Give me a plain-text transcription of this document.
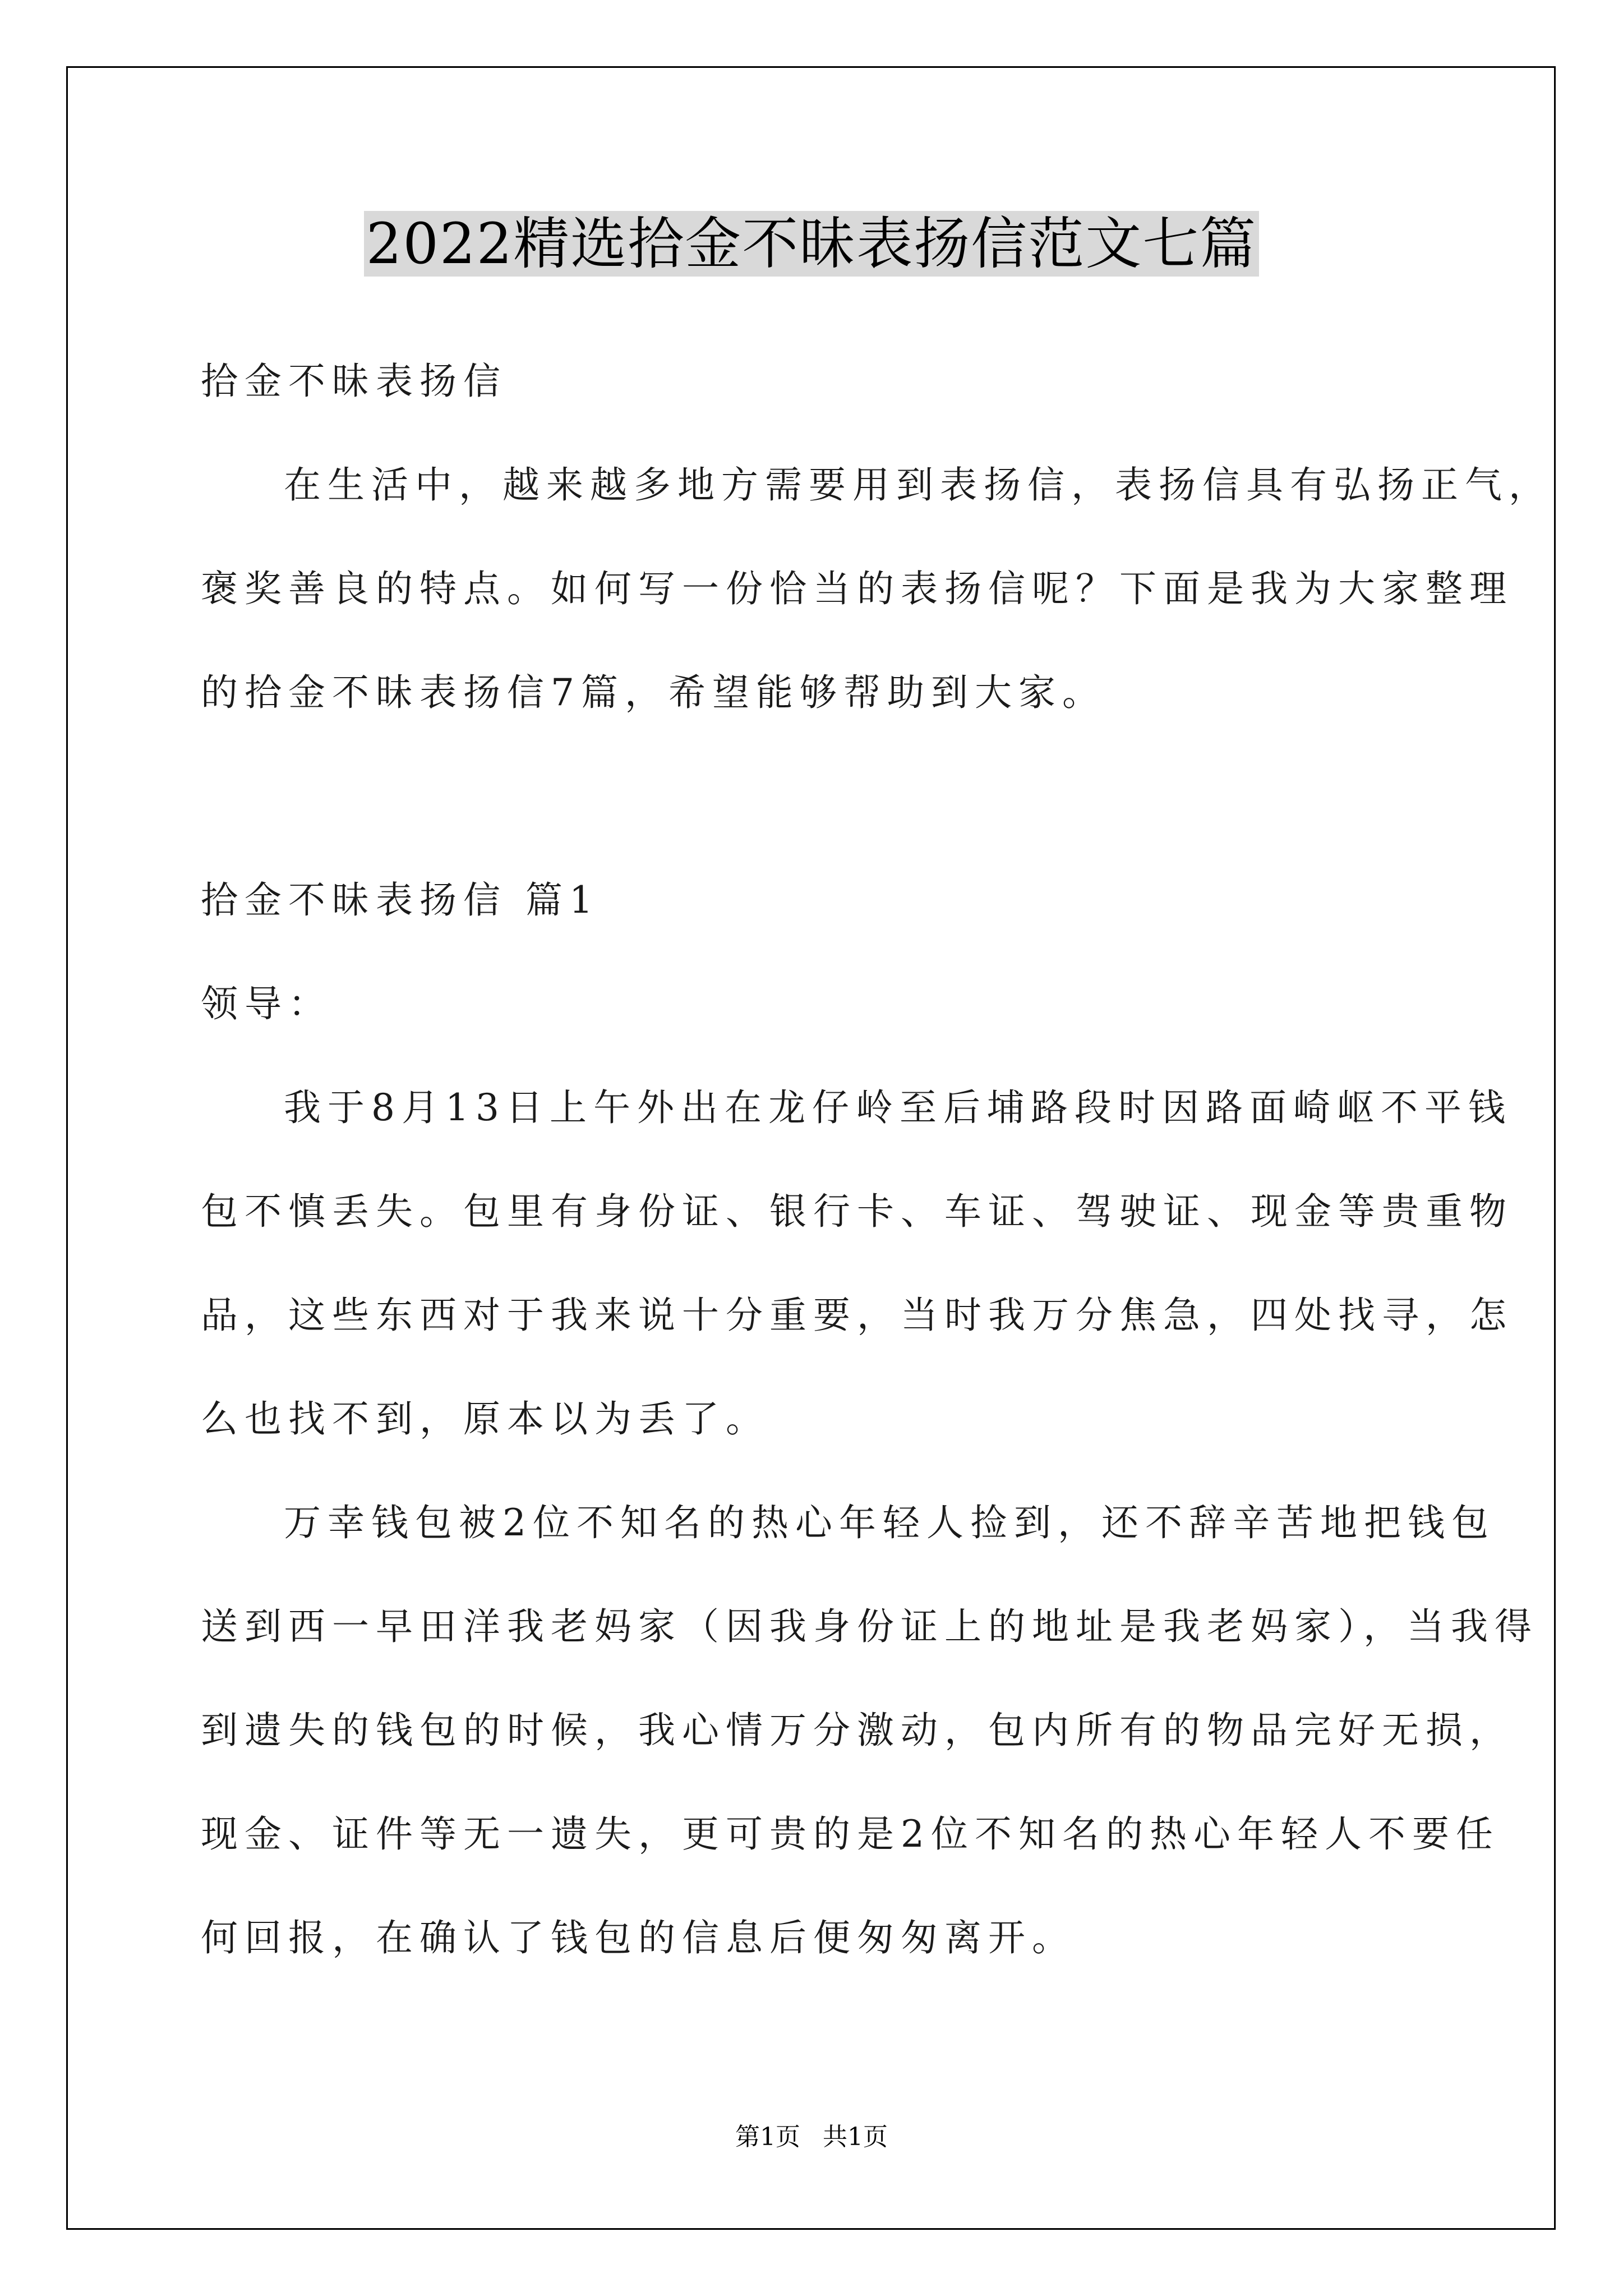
2022精选拾金不昧表扬信范文七篇
拾金不昧表扬信
在生活中，越来越多地方需要用到表扬信，表扬信具有弘扬正气，
褒奖善良的特点。如何写一份恰当的表扬信呢？下面是我为大家整理
的拾金不昧表扬信7篇，希望能够帮助到大家。
拾金不昧表扬信 篇1
领导：
我于8月13日上午外出在龙仔岭至后埔路段时因路面崎岖不平钱
包不慎丢失。包里有身份证、银行卡、车证、驾驶证、现金等贵重物
品，这些东西对于我来说十分重要，当时我万分焦急，四处找寻，怎
么也找不到，原本以为丢了。
万幸钱包被2位不知名的热心年轻人捡到，还不辞辛苦地把钱包
送到西一早田洋我老妈家（因我身份证上的地址是我老妈家），当我得
到遗失的钱包的时候，我心情万分激动，包内所有的物品完好无损，
现金、证件等无一遗失，更可贵的是2位不知名的热心年轻人不要任
何回报，在确认了钱包的信息后便匆匆离开。
第1页 共1页
